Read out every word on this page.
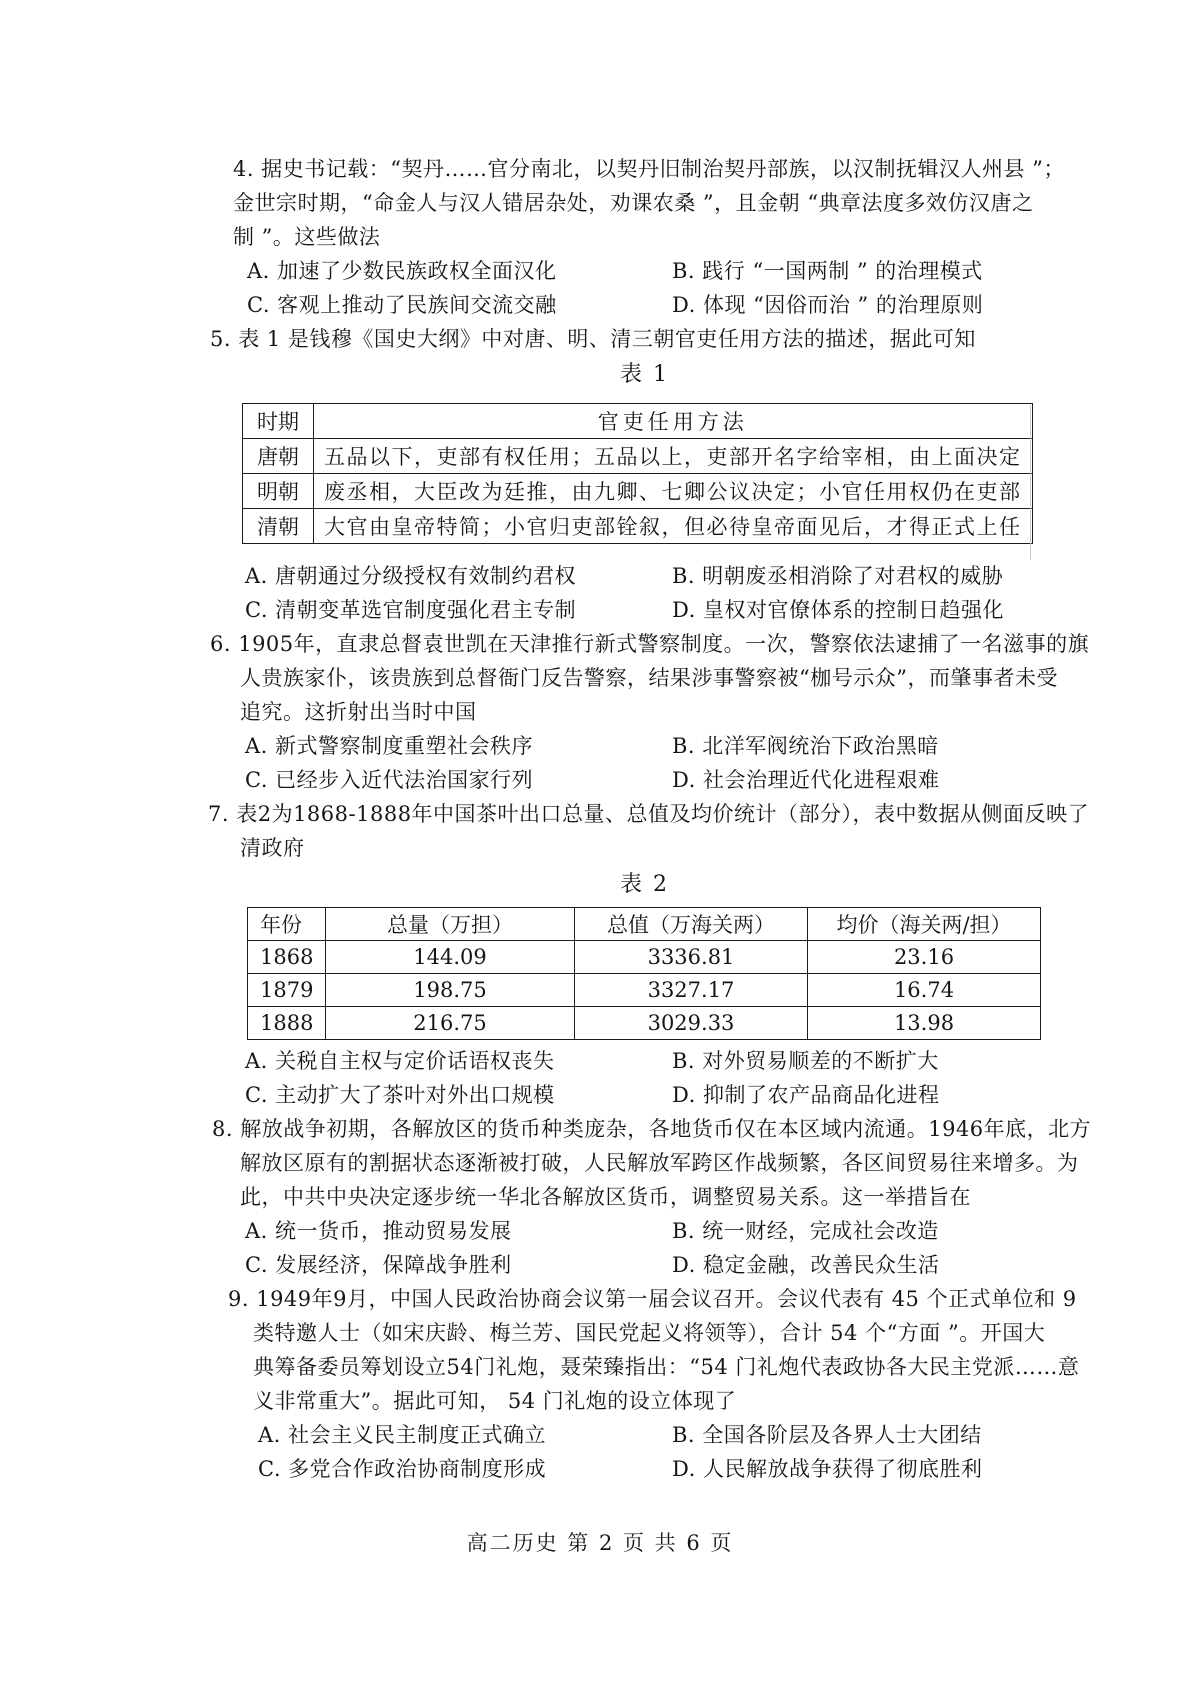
4. 据史书记载：“契丹……官分南北，以契丹旧制治契丹部族，以汉制抚辑汉人州县 ”；
金世宗时期，“命金人与汉人错居杂处，劝课农桑 ”，且金朝 “典章法度多效仿汉唐之
制 ”。这些做法
A. 加速了少数民族政权全面汉化	B. 践行 “一国两制 ” 的治理模式
C. 客观上推动了民族间交流交融	D. 体现 “因俗而治 ” 的治理原则
5. 表 1 是钱穆《国史大纲》中对唐、明、清三朝官吏任用方法的描述，据此可知
表 1
时期	官吏任用方法
唐朝	五品以下，吏部有权任用；五品以上，吏部开名字给宰相，由上面决定
明朝	废丞相，大臣改为廷推，由九卿、七卿公议决定；小官任用权仍在吏部
清朝	大官由皇帝特简；小官归吏部铨叙，但必待皇帝面见后，才得正式上任
A. 唐朝通过分级授权有效制约君权	B. 明朝废丞相消除了对君权的威胁
C. 清朝变革选官制度强化君主专制	D. 皇权对官僚体系的控制日趋强化
6. 1905年，直隶总督袁世凯在天津推行新式警察制度。一次，警察依法逮捕了一名滋事的旗
人贵族家仆，该贵族到总督衙门反告警察，结果涉事警察被“枷号示众”，而肇事者未受
追究。这折射出当时中国
A. 新式警察制度重塑社会秩序	B. 北洋军阀统治下政治黑暗
C. 已经步入近代法治国家行列	D. 社会治理近代化进程艰难
7. 表2为1868-1888年中国茶叶出口总量、总值及均价统计（部分），表中数据从侧面反映了
清政府
表 2
年份	总量（万担）	总值（万海关两）	均价（海关两/担）
1868	144.09	3336.81	23.16
1879	198.75	3327.17	16.74
1888	216.75	3029.33	13.98
A. 关税自主权与定价话语权丧失	B. 对外贸易顺差的不断扩大
C. 主动扩大了茶叶对外出口规模	D. 抑制了农产品商品化进程
8. 解放战争初期，各解放区的货币种类庞杂，各地货币仅在本区域内流通。1946年底，北方
解放区原有的割据状态逐渐被打破，人民解放军跨区作战频繁，各区间贸易往来增多。为
此，中共中央决定逐步统一华北各解放区货币，调整贸易关系。这一举措旨在
A. 统一货币，推动贸易发展	B. 统一财经，完成社会改造
C. 发展经济，保障战争胜利	D. 稳定金融，改善民众生活
9. 1949年9月，中国人民政治协商会议第一届会议召开。会议代表有 45 个正式单位和 9
类特邀人士（如宋庆龄、梅兰芳、国民党起义将领等），合计 54 个“方面 ”。开国大
典筹备委员筹划设立54门礼炮，聂荣臻指出：“54 门礼炮代表政协各大民主党派……意
义非常重大”。据此可知， 54 门礼炮的设立体现了
A. 社会主义民主制度正式确立	B. 全国各阶层及各界人士大团结
C. 多党合作政治协商制度形成	D. 人民解放战争获得了彻底胜利
高二历史 第 2 页 共 6 页
